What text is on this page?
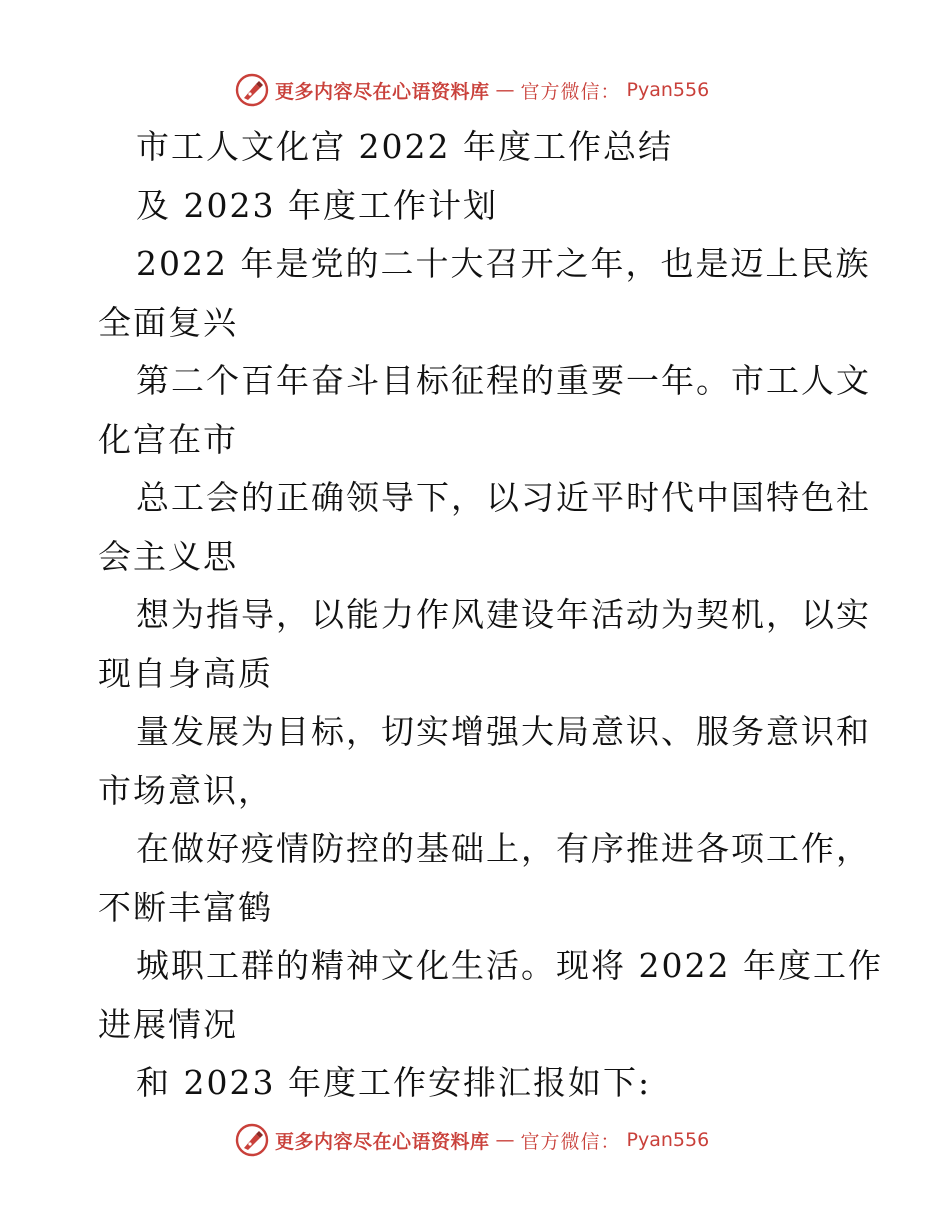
更多内容尽在心语资料库 — 官方微信： Pyan556
市工人文化宫 2022 年度工作总结
及 2023 年度工作计划
2022 年是党的二十大召开之年，也是迈上民族
全面复兴
第二个百年奋斗目标征程的重要一年。市工人文
化宫在市
总工会的正确领导下，以习近平时代中国特色社
会主义思
想为指导，以能力作风建设年活动为契机，以实
现自身高质
量发展为目标，切实增强大局意识、服务意识和
市场意识，
在做好疫情防控的基础上，有序推进各项工作，
不断丰富鹤
城职工群的精神文化生活。现将 2022 年度工作
进展情况
和 2023 年度工作安排汇报如下:
更多内容尽在心语资料库 — 官方微信： Pyan556
